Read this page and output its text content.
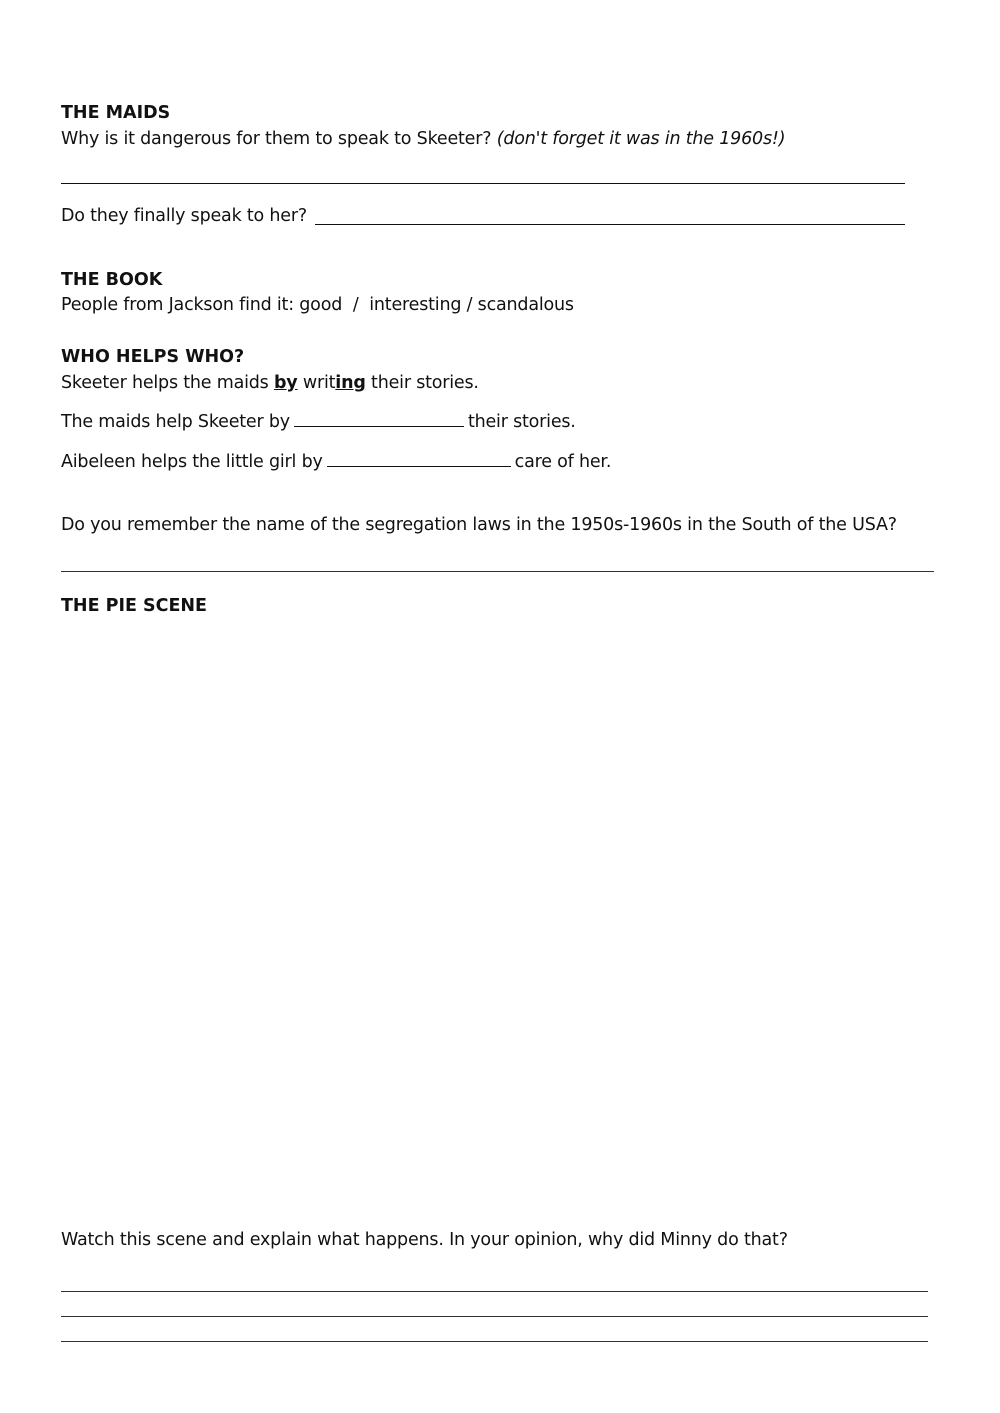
THE MAIDS
Why is it dangerous for them to speak to Skeeter? (don't forget it was in the 1960s!)
Do they finally speak to her?
THE BOOK
People from Jackson find it: good  /  interesting / scandalous
WHO HELPS WHO?
Skeeter helps the maids by writing their stories.
The maids help Skeeter by	their stories.
Aibeleen helps the little girl by	care of her.
Do you remember the name of the segregation laws in the 1950s-1960s in the South of the USA?
THE PIE SCENE
Watch this scene and explain what happens. In your opinion, why did Minny do that?
